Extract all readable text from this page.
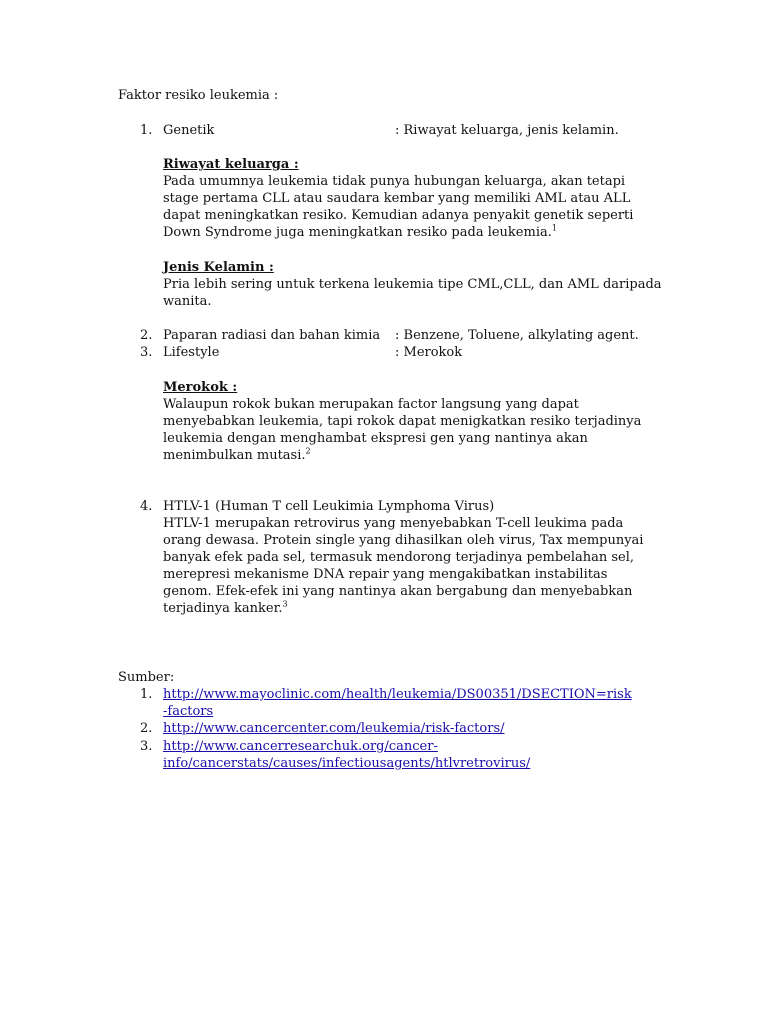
Faktor resiko leukemia :
1. Genetik	: Riwayat keluarga, jenis kelamin.
Riwayat keluarga :
Pada umumnya leukemia tidak punya hubungan keluarga, akan tetapi
stage pertama CLL atau saudara kembar yang memiliki AML atau ALL
dapat meningkatkan resiko. Kemudian adanya penyakit genetik seperti
Down Syndrome juga meningkatkan resiko pada leukemia.$^1$
Jenis Kelamin :
Pria lebih sering untuk terkena leukemia tipe CML,CLL, dan AML daripada
wanita.
2. Paparan radiasi dan bahan kimia : Benzene, Toluene, alkylating agent.
3. Lifestyle	: Merokok
Merokok :
Walaupun rokok bukan merupakan factor langsung yang dapat
menyebabkan leukemia, tapi rokok dapat menigkatkan resiko terjadinya
leukemia dengan menghambat ekspresi gen yang nantinya akan
menimbulkan mutasi.$^2$
4. HTLV-1 (Human T cell Leukimia Lymphoma Virus)
HTLV-1 merupakan retrovirus yang menyebabkan T-cell leukima pada
orang dewasa. Protein single yang dihasilkan oleh virus, Tax mempunyai
banyak efek pada sel, termasuk mendorong terjadinya pembelahan sel,
merepresi mekanisme DNA repair yang mengakibatkan instabilitas
genom. Efek-efek ini yang nantinya akan bergabung dan menyebabkan
terjadinya kanker.$^3$
Sumber:
1. http://www.mayoclinic.com/health/leukemia/DS00351/DSECTION=risk
-factors
2. http://www.cancercenter.com/leukemia/risk-factors/
3. http://www.cancerresearchuk.org/cancer-
info/cancerstats/causes/infectiousagents/htlvretrovirus/
